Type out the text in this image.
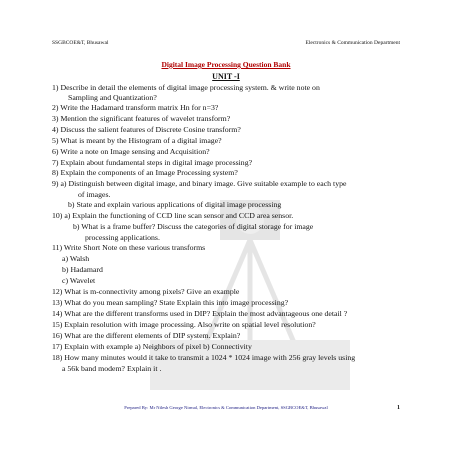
SSGBCOE&T, Bhusawal	Electronics & Communication Department
Digital Image Processing Question Bank
UNIT -I
1) Describe in detail the elements of digital image processing system. & write note on
Sampling and Quantization?
2) Write the Hadamard transform matrix Hn for n=3?
3) Mention the significant features of wavelet transform?
4) Discuss the salient features of Discrete Cosine transform?
5) What is meant by the Histogram of a digital image?
6) Write a note on Image sensing and Acquisition?
7) Explain about fundamental steps in digital image processing?
8) Explain the components of an Image Processing system?
9) a) Distinguish between digital image, and binary image. Give suitable example to each type
of images.
b) State and explain various applications of digital image processing
10) a) Explain the functioning of CCD line scan sensor and CCD area sensor.
b) What is a frame buffer? Discuss the categories of digital storage for image
processing applications.
11) Write Short Note on these various transforms
a) Walsh
b) Hadamard
c) Wavelet
12) What is m-connectivity among pixels? Give an example
13) What do you mean sampling? State Explain this into image processing?
14) What are the different transforms used in DIP? Explain the most advantageous one detail ?
15) Explain resolution with image processing. Also write on spatial level resolution?
16) What are the different elements of DIP system. Explain?
17) Explain with example a) Neighbors of pixel b) Connectivity
18) How many minutes would it take to transmit a 1024 * 1024 image with 256 gray levels using
a 56k band modem? Explain it .
Prepared By: Mr Nilesh George Nirmal, Electronics & Communication Department, SSGBCOE&T, Bhusawal	1
